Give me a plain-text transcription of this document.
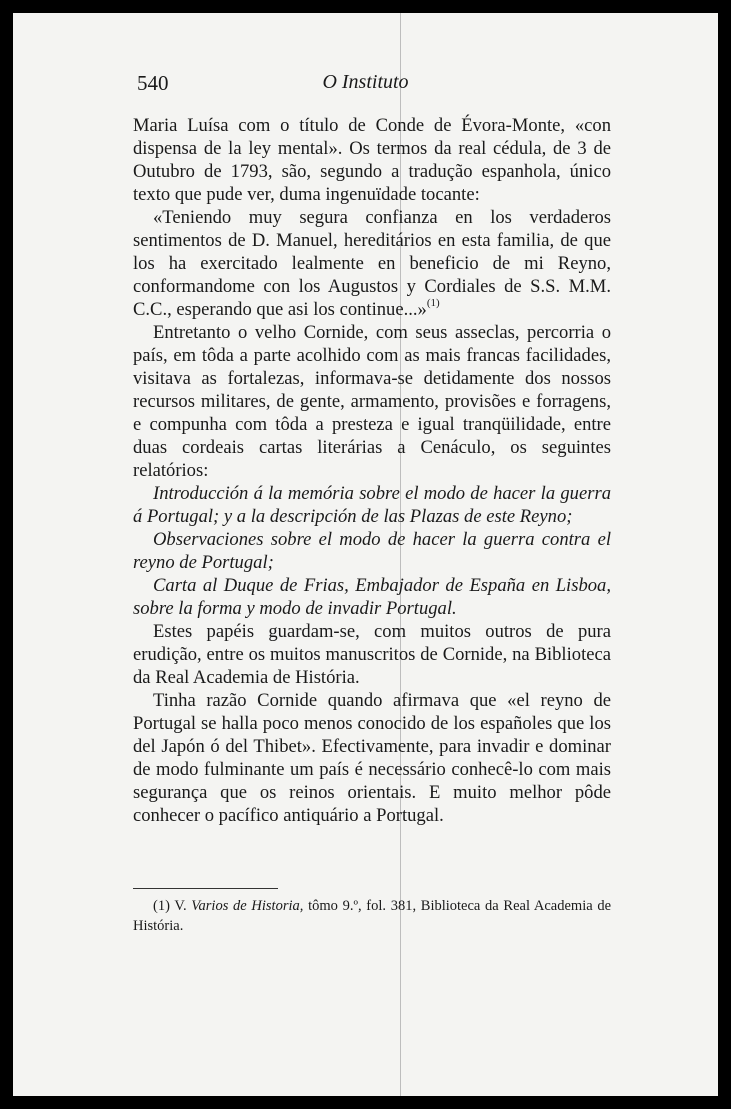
540	O Instituto

Maria Luísa com o título de Conde de Évora-Monte, «con dispensa de la ley mental». Os termos da real cédula, de 3 de Outubro de 1793, são, segundo a tradução espanhola, único texto que pude ver, duma ingenuïdade tocante:

«Teniendo muy segura confianza en los verdaderos sentimentos de D. Manuel, hereditários en esta familia, de que los ha exercitado lealmente en beneficio de mi Reyno, conformandome con los Augustos y Cordiales de S.S. M.M. C.C., esperando que asi los continue...»$^{(1)}$

Entretanto o velho Cornide, com seus asseclas, percorria o país, em tôda a parte acolhido com as mais francas facilidades, visitava as fortalezas, informava-se detidamente dos nossos recursos militares, de gente, armamento, provisões e forragens, e compunha com tôda a presteza e igual tranqüilidade, entre duas cordeais cartas literárias a Cenáculo, os seguintes relatórios:

Introducción á la memória sobre el modo de hacer la guerra á Portugal; y a la descripción de las Plazas de este Reyno;

Observaciones sobre el modo de hacer la guerra contra el reyno de Portugal;

Carta al Duque de Frias, Embajador de España en Lisboa, sobre la forma y modo de invadir Portugal.

Estes papéis guardam-se, com muitos outros de pura erudição, entre os muitos manuscritos de Cornide, na Biblioteca da Real Academia de História.

Tinha razão Cornide quando afirmava que «el reyno de Portugal se halla poco menos conocido de los españoles que los del Japón ó del Thibet». Efectivamente, para invadir e dominar de modo fulminante um país é necessário conhecê-lo com mais segurança que os reinos orientais. E muito melhor pôde conhecer o pacífico antiquário a Portugal.

(1) V. Varios de Historia, tômo 9.º, fol. 381, Biblioteca da Real Academia de História.
